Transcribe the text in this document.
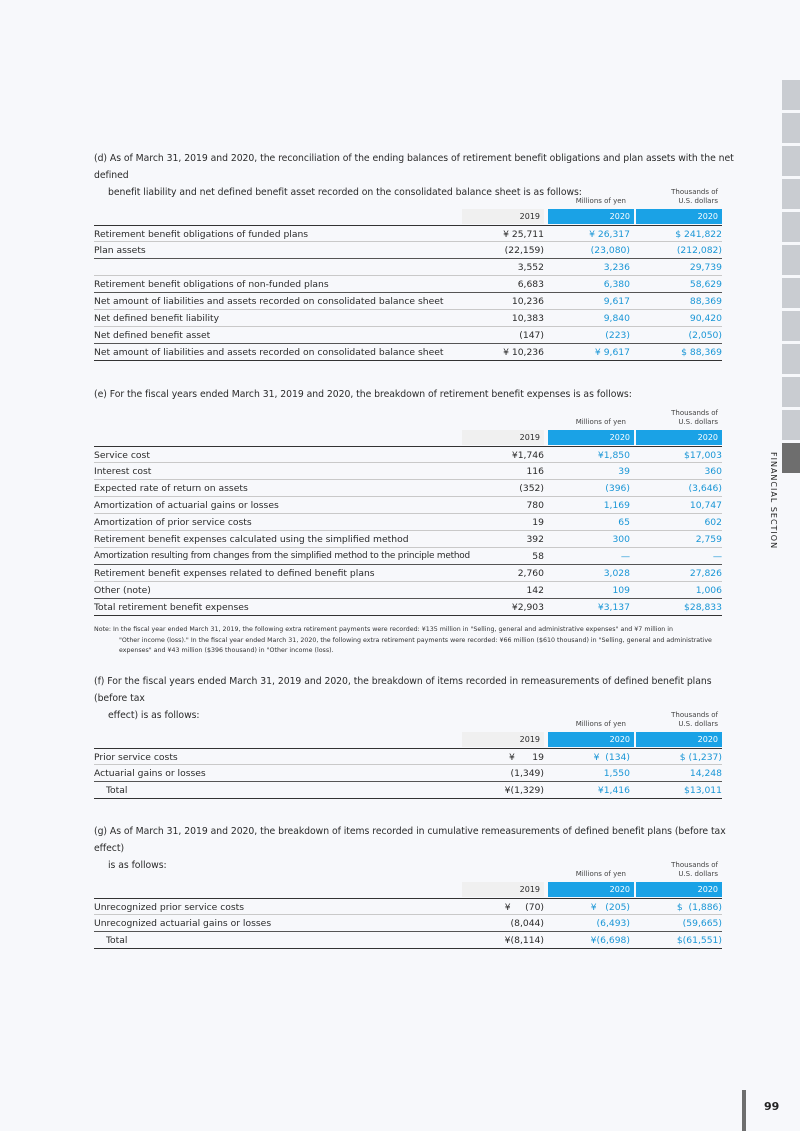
(d) As of March 31, 2019 and 2020, the reconciliation of the ending balances of retirement benefit obligations and plan assets with the net defined
benefit liability and net defined benefit asset recorded on the consolidated balance sheet is as follows:
Millions of yen
Thousands of
U.S. dollars
2019	2020	2020
Retirement benefit obligations of funded plans	¥ 25,711	¥ 26,317	$ 241,822
Plan assets	(22,159)	(23,080)	(212,082)
3,552	3,236	29,739
Retirement benefit obligations of non-funded plans	6,683	6,380	58,629
Net amount of liabilities and assets recorded on consolidated balance sheet	10,236	9,617	88,369
Net defined benefit liability	10,383	9,840	90,420
Net defined benefit asset	(147)	(223)	(2,050)
Net amount of liabilities and assets recorded on consolidated balance sheet	¥ 10,236	¥ 9,617	$ 88,369
(e) For the fiscal years ended March 31, 2019 and 2020, the breakdown of retirement benefit expenses is as follows:
Millions of yen
Thousands of
U.S. dollars
2019	2020	2020
Service cost	¥1,746	¥1,850	$17,003
Interest cost	116	39	360
Expected rate of return on assets	(352)	(396)	(3,646)
Amortization of actuarial gains or losses	780	1,169	10,747
Amortization of prior service costs	19	65	602
Retirement benefit expenses calculated using the simplified method	392	300	2,759
Amortization resulting from changes from the simplified method to the principle method	58	—	—
Retirement benefit expenses related to defined benefit plans	2,760	3,028	27,826
Other (note)	142	109	1,006
Total retirement benefit expenses	¥2,903	¥3,137	$28,833
Note: In the fiscal year ended March 31, 2019, the following extra retirement payments were recorded: ¥135 million in "Selling, general and administrative expenses" and ¥7 million in
"Other income (loss)." In the fiscal year ended March 31, 2020, the following extra retirement payments were recorded: ¥66 million ($610 thousand) in "Selling, general and administrative
expenses" and ¥43 million ($396 thousand) in "Other income (loss).
(f) For the fiscal years ended March 31, 2019 and 2020, the breakdown of items recorded in remeasurements of defined benefit plans (before tax
effect) is as follows:
Millions of yen
Thousands of
U.S. dollars
2019	2020	2020
Prior service costs	¥      19	¥  (134)	$ (1,237)
Actuarial gains or losses	(1,349)	1,550	14,248
Total	¥(1,329)	¥1,416	$13,011
(g) As of March 31, 2019 and 2020, the breakdown of items recorded in cumulative remeasurements of defined benefit plans (before tax effect)
is as follows:
Millions of yen
Thousands of
U.S. dollars
2019	2020	2020
Unrecognized prior service costs	¥     (70)	¥   (205)	$  (1,886)
Unrecognized actuarial gains or losses	(8,044)	(6,493)	(59,665)
Total	¥(8,114)	¥(6,698)	$(61,551)
FINANCIAL SECTION
99
